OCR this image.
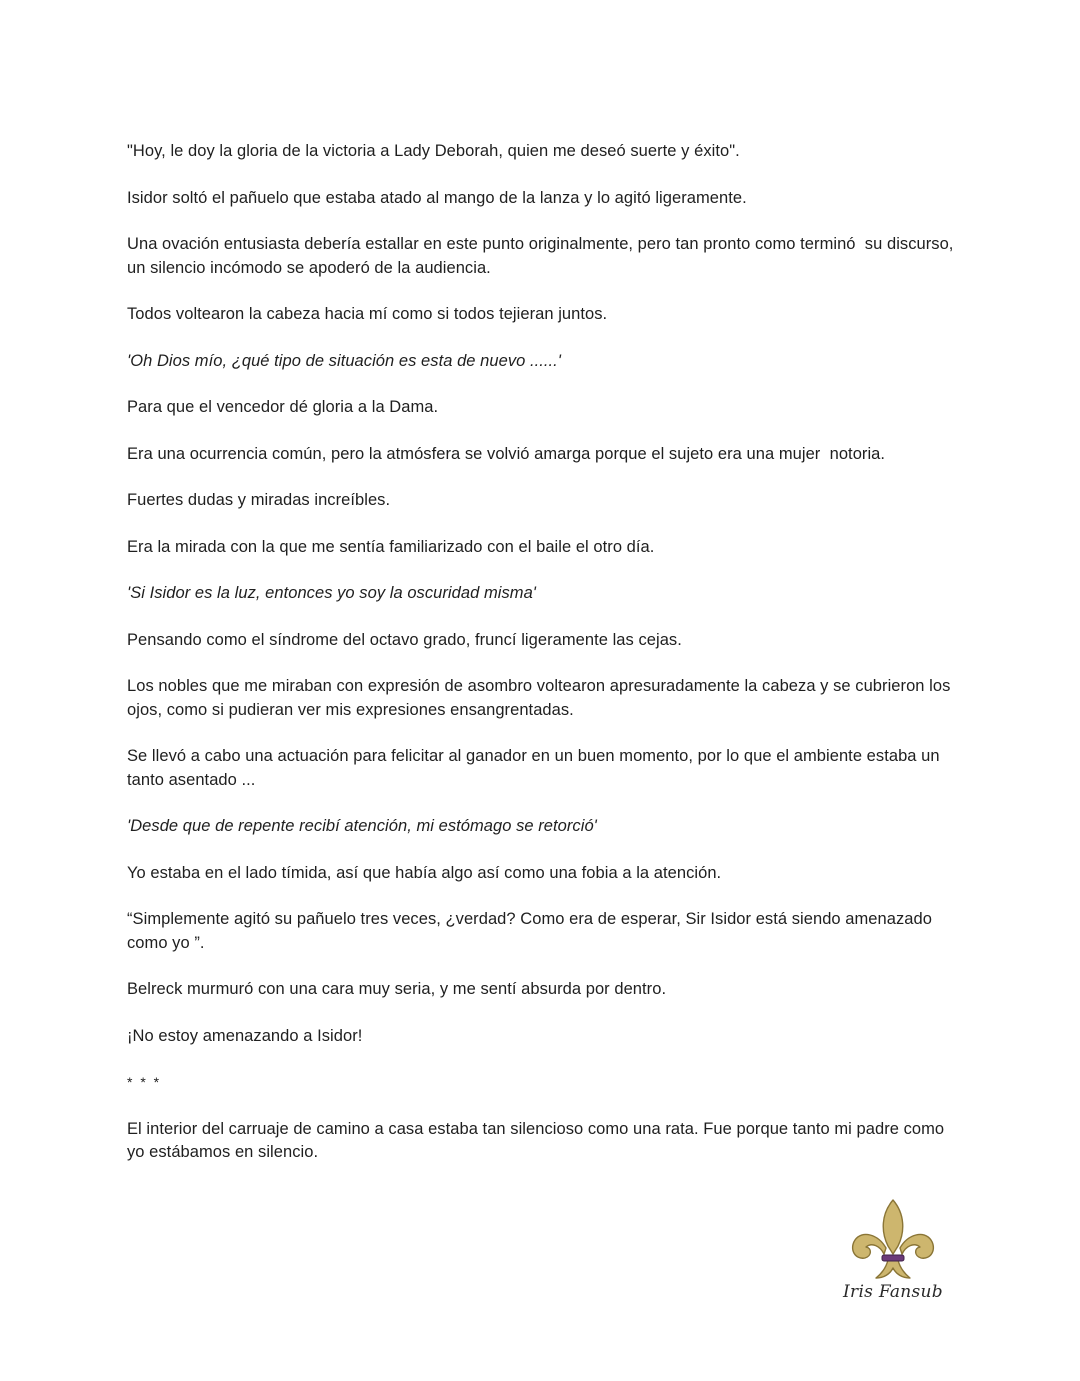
"Hoy, le doy la gloria de la victoria a Lady Deborah, quien me deseó suerte y éxito".

Isidor soltó el pañuelo que estaba atado al mango de la lanza y lo agitó ligeramente.

Una ovación entusiasta debería estallar en este punto originalmente, pero tan pronto como terminó  su discurso, un silencio incómodo se apoderó de la audiencia.

Todos voltearon la cabeza hacia mí como si todos tejieran juntos.

'Oh Dios mío, ¿qué tipo de situación es esta de nuevo ......'

Para que el vencedor dé gloria a la Dama.

Era una ocurrencia común, pero la atmósfera se volvió amarga porque el sujeto era una mujer  notoria.

Fuertes dudas y miradas increíbles.

Era la mirada con la que me sentía familiarizado con el baile el otro día.

'Si Isidor es la luz, entonces yo soy la oscuridad misma'

Pensando como el síndrome del octavo grado, fruncí ligeramente las cejas.

Los nobles que me miraban con expresión de asombro voltearon apresuradamente la cabeza y se cubrieron los ojos, como si pudieran ver mis expresiones ensangrentadas.

Se llevó a cabo una actuación para felicitar al ganador en un buen momento, por lo que el ambiente estaba un tanto asentado ...

'Desde que de repente recibí atención, mi estómago se retorció'

Yo estaba en el lado tímida, así que había algo así como una fobia a la atención.

“Simplemente agitó su pañuelo tres veces, ¿verdad? Como era de esperar, Sir Isidor está siendo amenazado como yo ”.

Belreck murmuró con una cara muy seria, y me sentí absurda por dentro.

¡No estoy amenazando a Isidor!

* * *

El interior del carruaje de camino a casa estaba tan silencioso como una rata. Fue porque tanto mi padre como yo estábamos en silencio.

Iris Fansub
